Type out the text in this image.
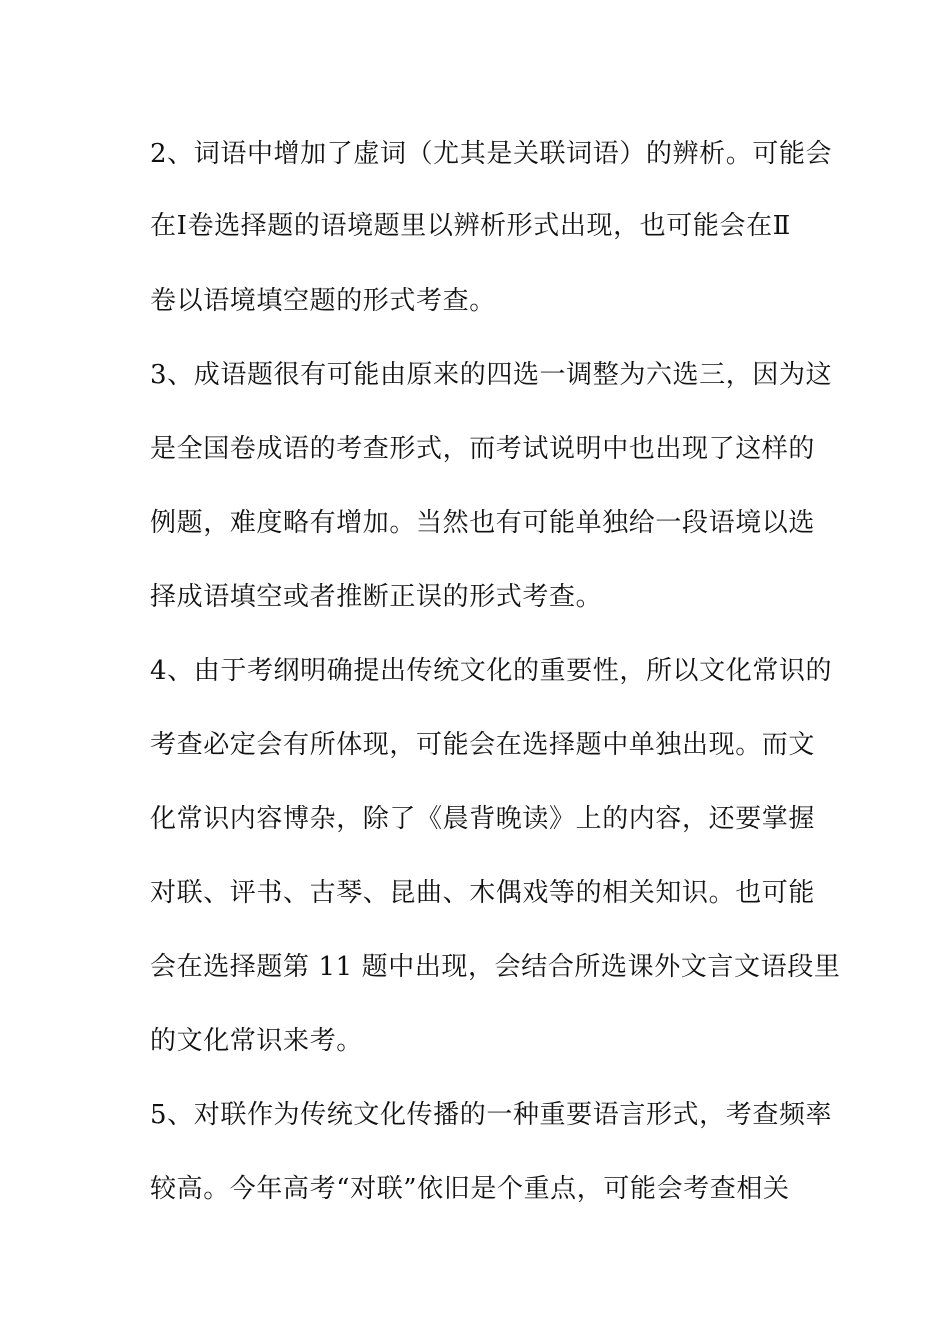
2、词语中增加了虚词（尤其是关联词语）的辨析。可能会
在Ⅰ卷选择题的语境题里以辨析形式出现，也可能会在Ⅱ
卷以语境填空题的形式考查。
3、成语题很有可能由原来的四选一调整为六选三，因为这
是全国卷成语的考查形式，而考试说明中也出现了这样的
例题，难度略有增加。当然也有可能单独给一段语境以选
择成语填空或者推断正误的形式考查。
4、由于考纲明确提出传统文化的重要性，所以文化常识的
考查必定会有所体现，可能会在选择题中单独出现。而文
化常识内容博杂，除了《晨背晚读》上的内容，还要掌握
对联、评书、古琴、昆曲、木偶戏等的相关知识。也可能
会在选择题第 11 题中出现，会结合所选课外文言文语段里
的文化常识来考。
5、对联作为传统文化传播的一种重要语言形式，考查频率
较高。今年高考“对联”依旧是个重点，可能会考查相关
